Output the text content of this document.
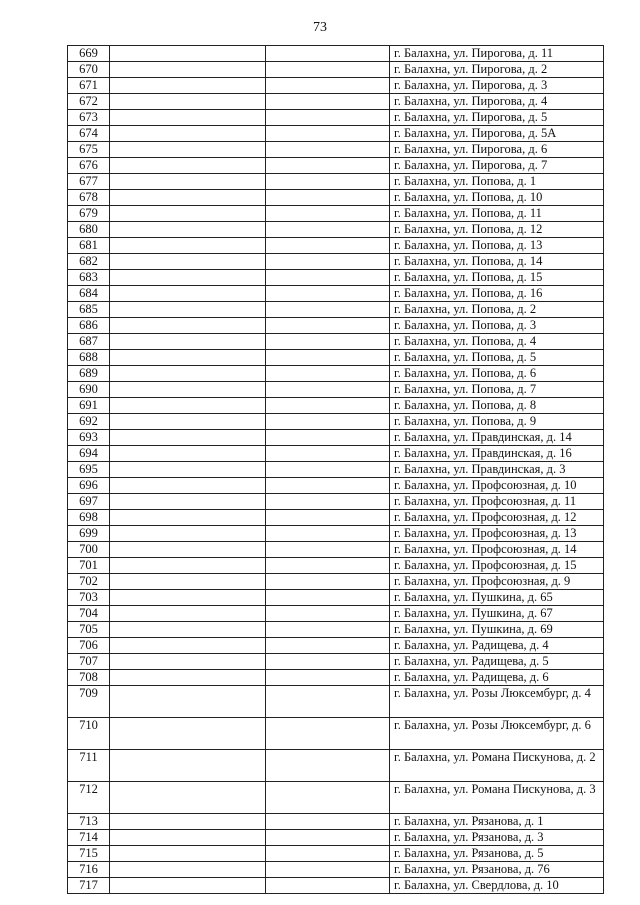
73
669			г. Балахна, ул. Пирогова, д. 11
670			г. Балахна, ул. Пирогова, д. 2
671			г. Балахна, ул. Пирогова, д. 3
672			г. Балахна, ул. Пирогова, д. 4
673			г. Балахна, ул. Пирогова, д. 5
674			г. Балахна, ул. Пирогова, д. 5А
675			г. Балахна, ул. Пирогова, д. 6
676			г. Балахна, ул. Пирогова, д. 7
677			г. Балахна, ул. Попова, д. 1
678			г. Балахна, ул. Попова, д. 10
679			г. Балахна, ул. Попова, д. 11
680			г. Балахна, ул. Попова, д. 12
681			г. Балахна, ул. Попова, д. 13
682			г. Балахна, ул. Попова, д. 14
683			г. Балахна, ул. Попова, д. 15
684			г. Балахна, ул. Попова, д. 16
685			г. Балахна, ул. Попова, д. 2
686			г. Балахна, ул. Попова, д. 3
687			г. Балахна, ул. Попова, д. 4
688			г. Балахна, ул. Попова, д. 5
689			г. Балахна, ул. Попова, д. 6
690			г. Балахна, ул. Попова, д. 7
691			г. Балахна, ул. Попова, д. 8
692			г. Балахна, ул. Попова, д. 9
693			г. Балахна, ул. Правдинская, д. 14
694			г. Балахна, ул. Правдинская, д. 16
695			г. Балахна, ул. Правдинская, д. 3
696			г. Балахна, ул. Профсоюзная, д. 10
697			г. Балахна, ул. Профсоюзная, д. 11
698			г. Балахна, ул. Профсоюзная, д. 12
699			г. Балахна, ул. Профсоюзная, д. 13
700			г. Балахна, ул. Профсоюзная, д. 14
701			г. Балахна, ул. Профсоюзная, д. 15
702			г. Балахна, ул. Профсоюзная, д. 9
703			г. Балахна, ул. Пушкина, д. 65
704			г. Балахна, ул. Пушкина, д. 67
705			г. Балахна, ул. Пушкина, д. 69
706			г. Балахна, ул. Радищева, д. 4
707			г. Балахна, ул. Радищева, д. 5
708			г. Балахна, ул. Радищева, д. 6
709			г. Балахна, ул. Розы Люксембург, д. 4
710			г. Балахна, ул. Розы Люксембург, д. 6
711			г. Балахна, ул. Романа Пискунова, д. 2
712			г. Балахна, ул. Романа Пискунова, д. 3
713			г. Балахна, ул. Рязанова, д. 1
714			г. Балахна, ул. Рязанова, д. 3
715			г. Балахна, ул. Рязанова, д. 5
716			г. Балахна, ул. Рязанова, д. 76
717			г. Балахна, ул. Свердлова, д. 10
